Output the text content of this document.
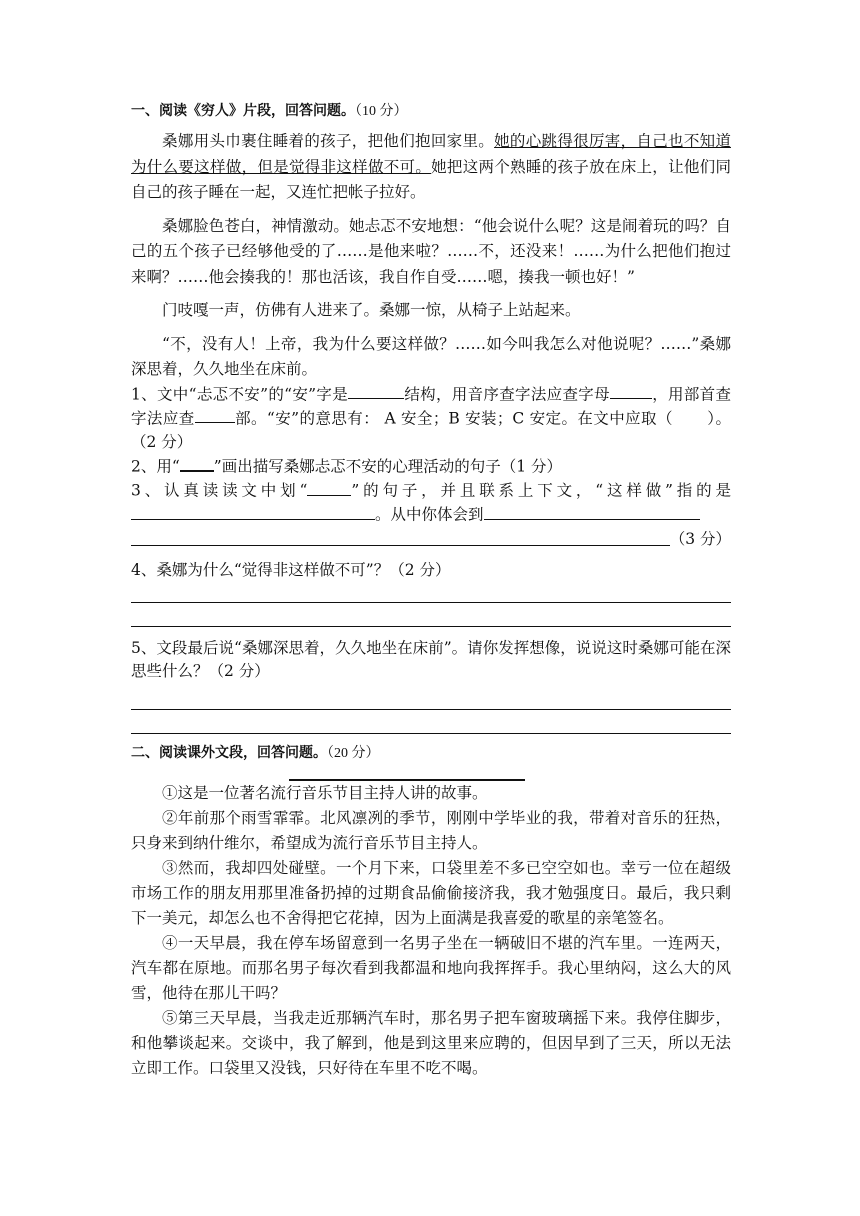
一、阅读《穷人》片段，回答问题。（10 分）

桑娜用头巾裹住睡着的孩子，把他们抱回家里。她的心跳得很厉害，自己也不知道为什么要这样做，但是觉得非这样做不可。她把这两个熟睡的孩子放在床上，让他们同自己的孩子睡在一起，又连忙把帐子拉好。

桑娜脸色苍白，神情激动。她忐忑不安地想：“他会说什么呢？这是闹着玩的吗？自己的五个孩子已经够他受的了……是他来啦？……不，还没来！……为什么把他们抱过来啊？……他会揍我的！那也活该，我自作自受……嗯，揍我一顿也好！”

门吱嘎一声，仿佛有人进来了。桑娜一惊，从椅子上站起来。

“不，没有人！上帝，我为什么要这样做？……如今叫我怎么对他说呢？……”桑娜深思着，久久地坐在床前。

1、文中“忐忑不安”的“安”字是	结构，用音序查字法应查字母	，用部首查字法应查	部。“安”的意思有： A 安全；B 安装；C 安定。在文中应取（ ）。（2 分）

2、用“ ”画出描写桑娜忐忑不安的心理活动的句子（1 分）

3、认真读读文中划“	”的句子，并且联系上下文，“这样做”指的是。从中你体会到

（3 分）

4、桑娜为什么“觉得非这样做不可”？（2 分）

5、文段最后说“桑娜深思着，久久地坐在床前”。请你发挥想像，说说这时桑娜可能在深思些什么？（2 分）

二、阅读课外文段，回答问题。（20 分）

①这是一位著名流行音乐节目主持人讲的故事。

②年前那个雨雪霏霏。北风凛冽的季节，刚刚中学毕业的我，带着对音乐的狂热，只身来到纳什维尔，希望成为流行音乐节目主持人。

③然而，我却四处碰壁。一个月下来，口袋里差不多已空空如也。幸亏一位在超级市场工作的朋友用那里准备扔掉的过期食品偷偷接济我，我才勉强度日。最后，我只剩下一美元，却怎么也不舍得把它花掉，因为上面满是我喜爱的歌星的亲笔签名。

④一天早晨，我在停车场留意到一名男子坐在一辆破旧不堪的汽车里。一连两天，汽车都在原地。而那名男子每次看到我都温和地向我挥挥手。我心里纳闷，这么大的风雪，他待在那儿干吗？

⑤第三天早晨，当我走近那辆汽车时，那名男子把车窗玻璃摇下来。我停住脚步，和他攀谈起来。交谈中，我了解到，他是到这里来应聘的，但因早到了三天，所以无法立即工作。口袋里又没钱，只好待在车里不吃不喝。
